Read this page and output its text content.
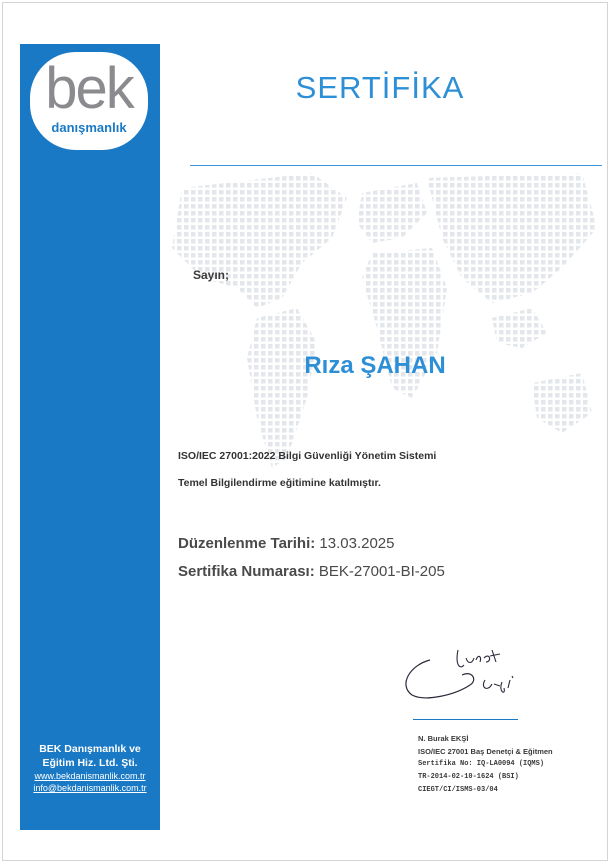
bek
danışmanlık
BEK Danışmanlık ve
Eğitim Hiz. Ltd. Şti.
www.bekdanismanlik.com.tr
info@bekdanismanlik.com.tr
SERTİFİKA
Sayın;
Rıza ŞAHAN
ISO/IEC 27001:2022 Bilgi Güvenliği Yönetim Sistemi
Temel Bilgilendirme eğitimine katılmıştır.
Düzenlenme Tarihi: 13.03.2025
Sertifika Numarası: BEK-27001-BI-205
N. Burak EKŞİ
ISO/IEC 27001 Baş Denetçi & Eğitmen
Sertifika No: IQ-LA0094 (IQMS)
TR-2014-02-10-1624 (BSI)
CIEGT/CI/ISMS-03/04
